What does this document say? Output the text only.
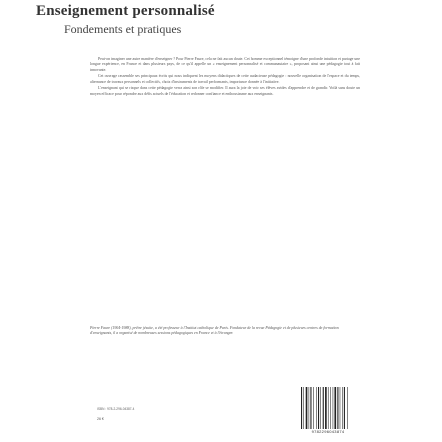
Enseignement personnalisé
Fondements et pratiques

Peut-on imaginer une autre manière d'enseigner ? Pour Pierre Faure, cela ne fait aucun doute. Cet homme exceptionnel témoigne d'une profonde intuition et partage une longue expérience, en France et dans plusieurs pays, de ce qu'il appelle un « enseignement personnalisé et communautaire », proposant ainsi une pédagogie tout à fait innovante.

Cet ouvrage rassemble ses principaux écrits qui nous indiquent les moyens didactiques de cette audacieuse pédagogie : nouvelle organisation de l'espace et du temps, alternance de travaux personnels et collectifs, choix d'instruments de travail performants, importance donnée à l'initiative.

L'enseignant qui se risque dans cette pédagogie verra ainsi son rôle se modifier. Il aura la joie de voir ses élèves avides d'apprendre et de grandir. Voilà sans doute un moyen efficace pour répondre aux défis actuels de l'éducation et redonner confiance et enthousiasme aux enseignants.

Pierre Faure (1904-1988), prêtre jésuite, a été professeur à l'Institut catholique de Paris. Fondateur de la revue Pédagogie et de plusieurs centres de formation d'enseignants, il a organisé de nombreuses sessions pédagogiques en France et à l'étranger.

ISBN : 978-2-296-04387-4
26 €
9782296043874
